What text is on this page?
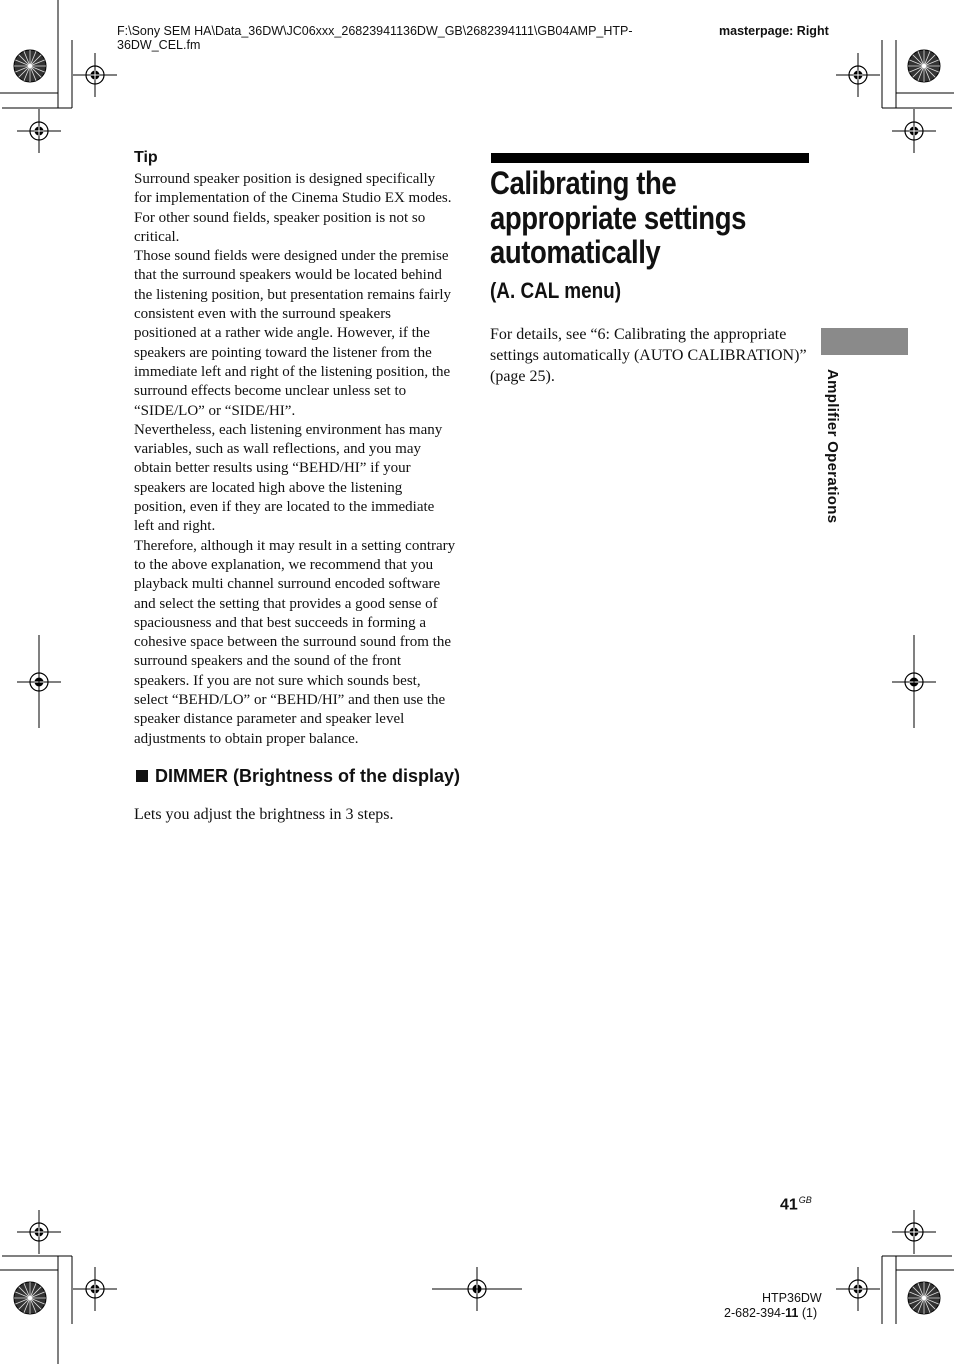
F:\Sony SEM HA\Data_36DW\JC06xxx_26823941136DW_GB\2682394111\GB04AMP_HTP-
36DW_CEL.fm
masterpage: Right
Tip

Surround speaker position is designed specifically for implementation of the Cinema Studio EX modes. For other sound fields, speaker position is not so critical.

Those sound fields were designed under the premise that the surround speakers would be located behind the listening position, but presentation remains fairly consistent even with the surround speakers positioned at a rather wide angle. However, if the speakers are pointing toward the listener from the immediate left and right of the listening position, the surround effects become unclear unless set to “SIDE/LO” or “SIDE/HI”.

Nevertheless, each listening environment has many variables, such as wall reflections, and you may obtain better results using “BEHD/HI” if your speakers are located high above the listening position, even if they are located to the immediate left and right.

Therefore, although it may result in a setting contrary to the above explanation, we recommend that you playback multi channel surround encoded software and select the setting that provides a good sense of spaciousness and that best succeeds in forming a cohesive space between the surround sound from the surround speakers and the sound of the front speakers. If you are not sure which sounds best, select “BEHD/LO” or “BEHD/HI” and then use the speaker distance parameter and speaker level adjustments to obtain proper balance.

DIMMER (Brightness of the display)
Lets you adjust the brightness in 3 steps.
Calibrating the appropriate settings automatically
(A. CAL menu)
For details, see “6: Calibrating the appropriate settings automatically (AUTO CALIBRATION)” (page 25).	Amplifier Operations
$41^{GB}$
HTP36DW
2-682-394-11 (1)
